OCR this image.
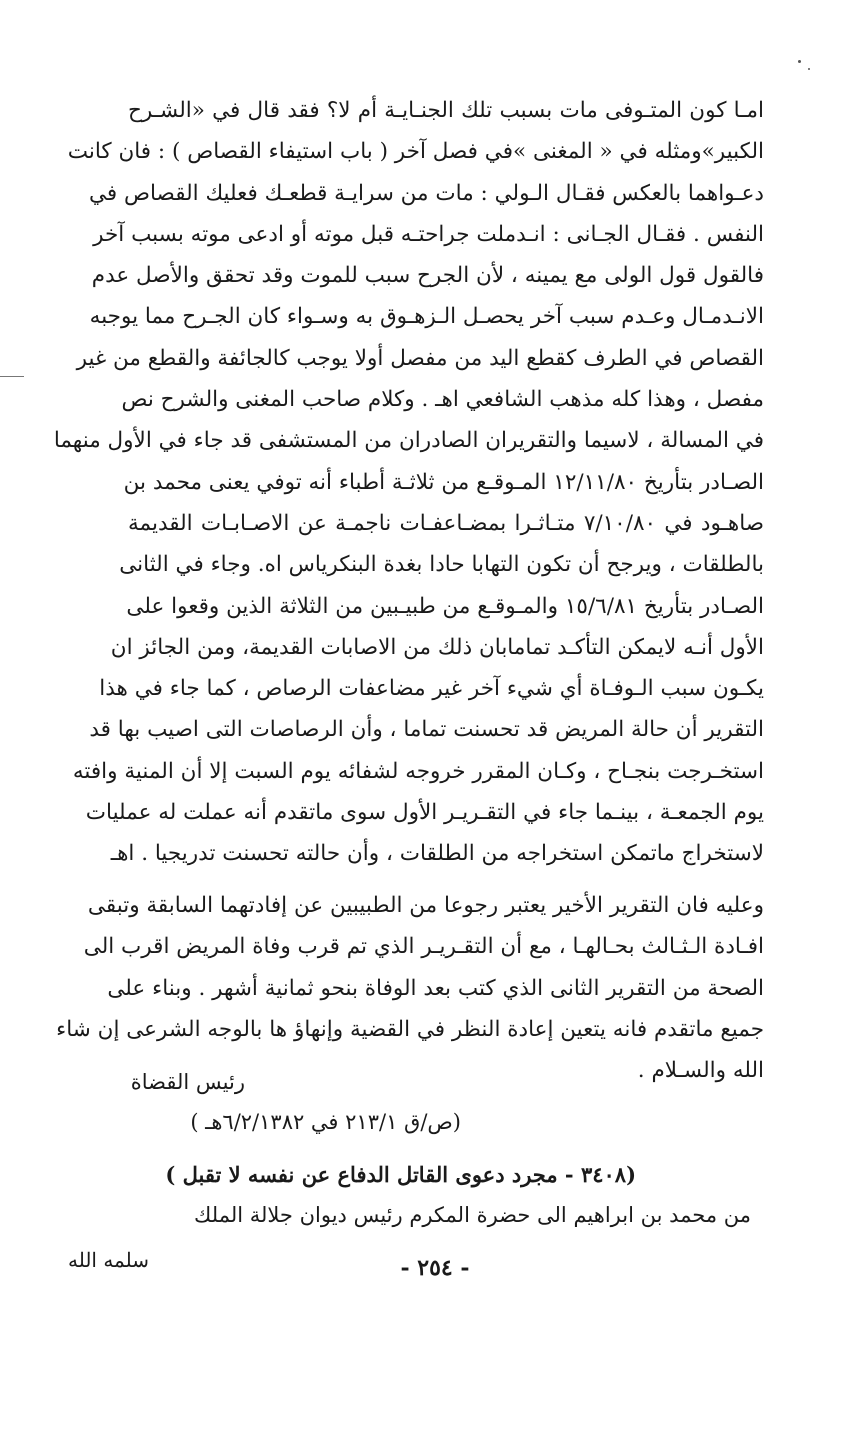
امـا كون المتـوفى مات بسبب تلك الجنـايـة أم لا؟ فقد قال في «الشـرح
الكبير»ومثله في « المغنى »في فصل آخر ( باب استيفاء القصاص ) : فان كانت
دعـواهما بالعكس فقـال الـولي : مات من سرايـة قطعـك فعليك القصاص في
النفس . فقـال الجـانى : انـدملت جراحتـه قبل موته أو ادعى موته بسبب آخر
فالقول قول الولى مع يمينه ، لأن الجرح سبب للموت وقد تحقق والأصل عدم
الانـدمـال وعـدم سبب آخر يحصـل الـزهـوق به وسـواء كان الجـرح مما يوجبه
القصاص في الطرف كقطع اليد من مفصل أولا يوجب كالجائفة والقطع من غير
مفصل ، وهذا كله مذهب الشافعي اهـ . وكلام صاحب المغنى والشرح نص
في المسالة ، لاسيما والتقريران الصادران من المستشفى قد جاء في الأول منهما
الصـادر بتأريخ ١٢/١١/٨٠ المـوقـع من ثلاثـة أطباء أنه توفي يعنى محمد بن
صاهـود في ٧/١٠/٨٠ متـاثـرا بمضـاعفـات ناجمـة عن الاصـابـات القديمة
بالطلقات ، ويرجح أن تكون التهابا حادا بغدة البنكرياس اه. وجاء في الثانى
الصـادر بتأريخ ١٥/٦/٨١ والمـوقـع من طبيـبين من الثلاثة الذين وقعوا على
الأول أنـه لايمكن التأكـد تمامابان ذلك من الاصابات القديمة، ومن الجائز ان
يكـون سبب الـوفـاة أي شيء آخر غير مضاعفات الرصاص ، كما جاء في هذا
التقرير أن حالة المريض قد تحسنت تماما ، وأن الرصاصات التى اصيب بها قد
استخـرجت بنجـاح ، وكـان المقرر خروجه لشفائه يوم السبت إلا أن المنية وافته
يوم الجمعـة ، بينـما جاء في التقـريـر الأول سوى ماتقدم أنه عملت له عمليات
لاستخراج ماتمكن استخراجه من الطلقات ، وأن حالته تحسنت تدريجيا . اهـ
وعليه فان التقرير الأخير يعتبر رجوعا من الطبيبين عن إفادتهما السابقة وتبقى
افـادة الـثـالث بحـالهـا ، مع أن التقـريـر الذي تم قرب وفاة المريض اقرب الى
الصحة من التقرير الثانى الذي كتب بعد الوفاة بنحو ثمانية أشهر . وبناء على
جميع ماتقدم فانه يتعين إعادة النظر في القضية وإنهاؤ ها بالوجه الشرعى إن شاء
الله والسـلام .
رئيس القضاة
(ص/ق ٢١٣/١ في ٦/٢/١٣٨٢هـ )
(٣٤٠٨ - مجرد دعوى القاتل الدفاع عن نفسه لا تقبل )
من محمد بن ابراهيم الى حضرة المكرم رئيس ديوان جلالة الملك
سلمه الله	- ٢٥٤ -
